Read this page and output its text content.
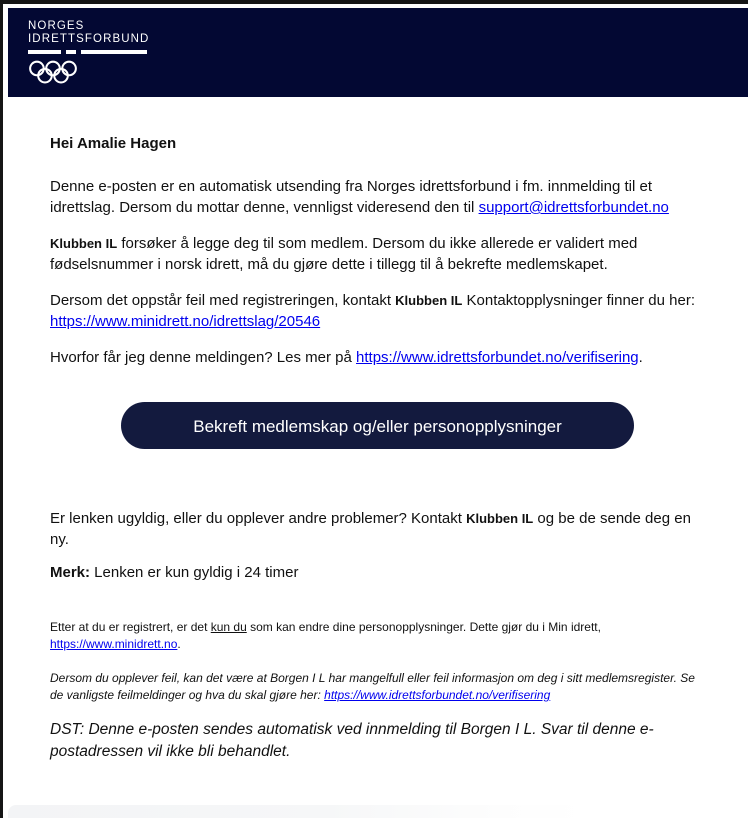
NORGES
IDRETTSFORBUND

Hei Amalie Hagen

Denne e-posten er en automatisk utsending fra Norges idrettsforbund i fm. innmelding til et idrettslag. Dersom du mottar denne, vennligst videresend den til support@idrettsforbundet.no

Klubben IL forsøker å legge deg til som medlem. Dersom du ikke allerede er validert med fødselsnummer i norsk idrett, må du gjøre dette i tillegg til å bekrefte medlemskapet.

Dersom det oppstår feil med registreringen, kontakt Klubben IL Kontaktopplysninger finner du her: https://www.minidrett.no/idrettslag/20546

Hvorfor får jeg denne meldingen? Les mer på https://www.idrettsforbundet.no/verifisering.

Bekreft medlemskap og/eller personopplysninger

Er lenken ugyldig, eller du opplever andre problemer? Kontakt Klubben IL og be de sende deg en ny.

Merk: Lenken er kun gyldig i 24 timer

Etter at du er registrert, er det kun du som kan endre dine personopplysninger. Dette gjør du i Min idrett, https://www.minidrett.no.

Dersom du opplever feil, kan det være at Borgen I L har mangelfull eller feil informasjon om deg i sitt medlemsregister. Se de vanligste feilmeldinger og hva du skal gjøre her: https://www.idrettsforbundet.no/verifisering

DST: Denne e-posten sendes automatisk ved innmelding til Borgen I L. Svar til denne e-postadressen vil ikke bli behandlet.
